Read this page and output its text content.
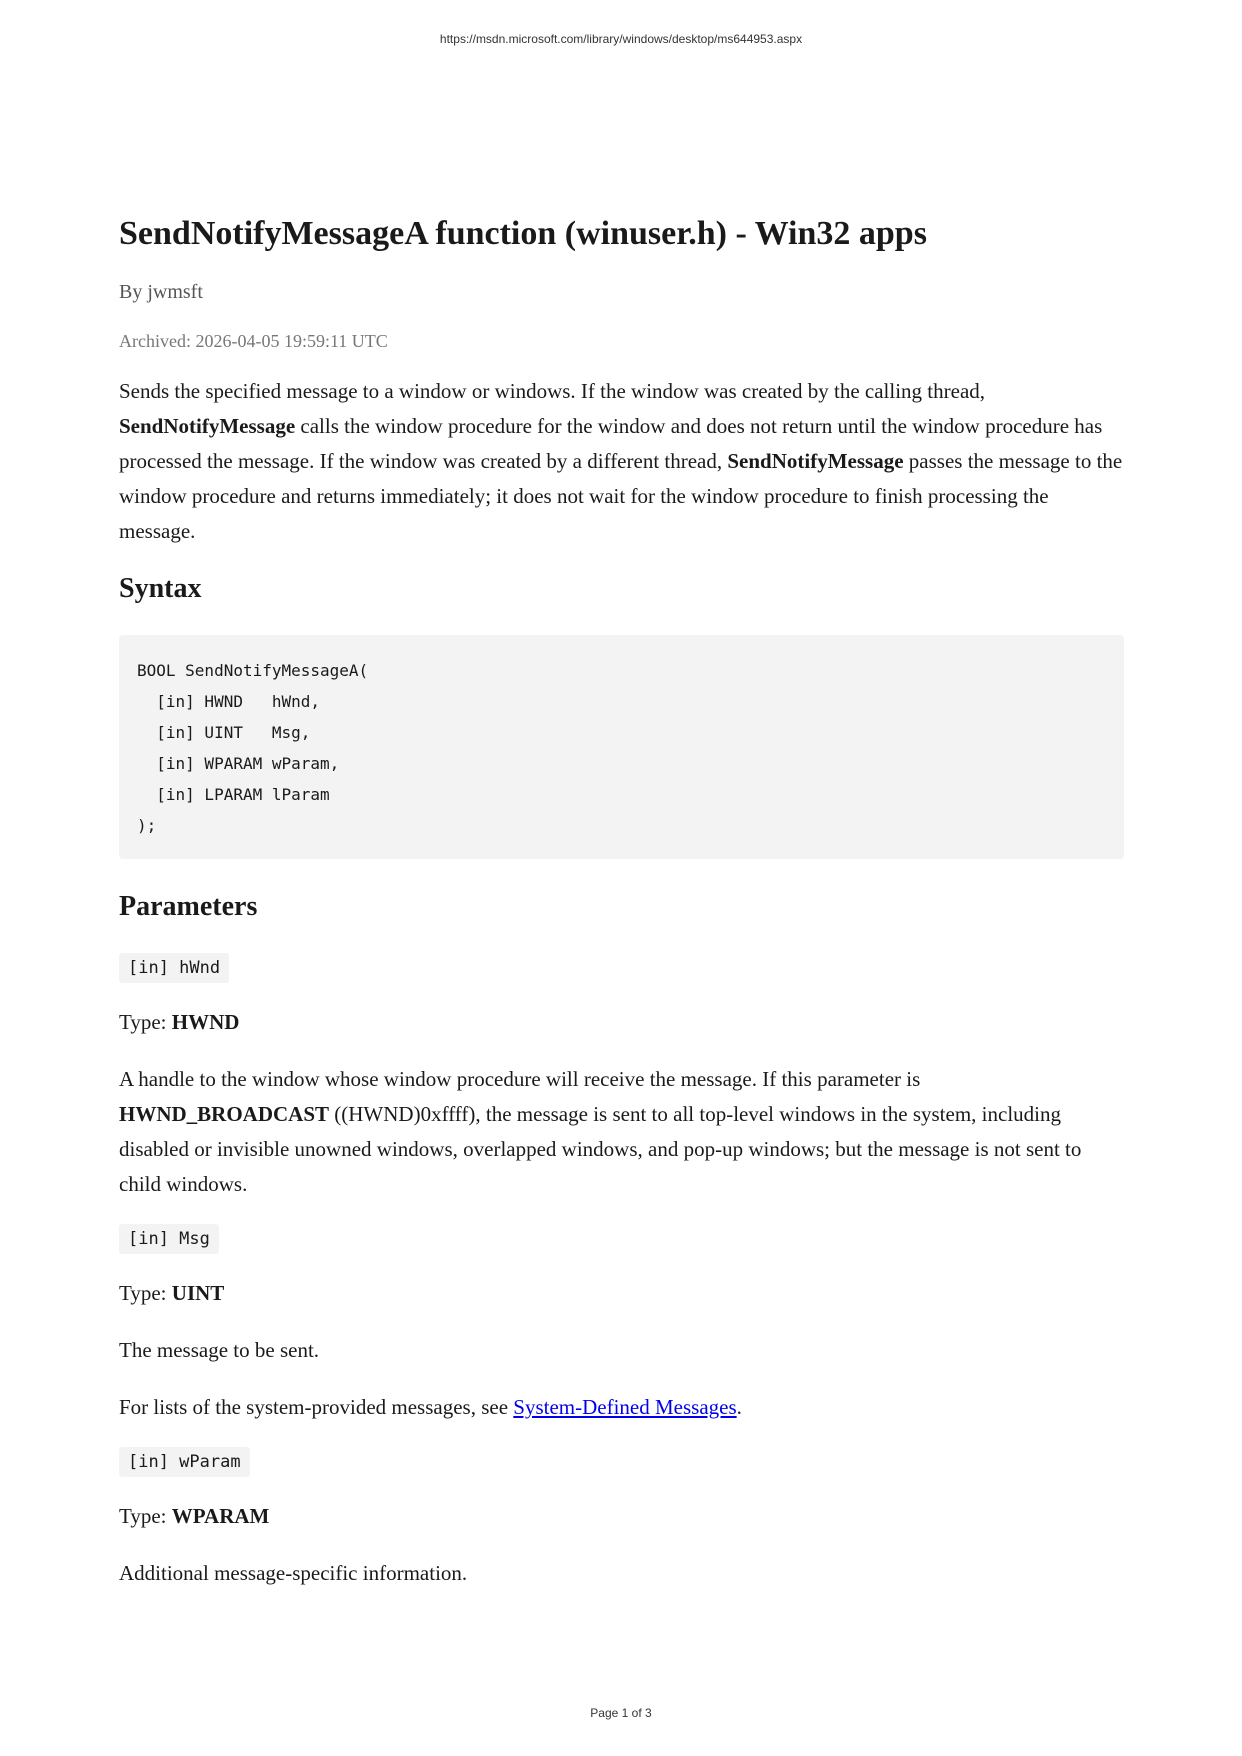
https://msdn.microsoft.com/library/windows/desktop/ms644953.aspx
SendNotifyMessageA function (winuser.h) - Win32 apps
By jwmsft
Archived: 2026-04-05 19:59:11 UTC

Sends the specified message to a window or windows. If the window was created by the calling thread, SendNotifyMessage calls the window procedure for the window and does not return until the window procedure has processed the message. If the window was created by a different thread, SendNotifyMessage passes the message to the window procedure and returns immediately; it does not wait for the window procedure to finish processing the message.

Syntax
BOOL SendNotifyMessageA(
[in] HWND   hWnd,
[in] UINT   Msg,
[in] WPARAM wParam,
[in] LPARAM lParam
);
Parameters
[in] hWnd

Type: HWND

A handle to the window whose window procedure will receive the message. If this parameter is HWND_BROADCAST ((HWND)0xffff), the message is sent to all top-level windows in the system, including disabled or invisible unowned windows, overlapped windows, and pop-up windows; but the message is not sent to child windows.

[in] Msg

Type: UINT

The message to be sent.

For lists of the system-provided messages, see System-Defined Messages.

[in] wParam

Type: WPARAM

Additional message-specific information.

Page 1 of 3
